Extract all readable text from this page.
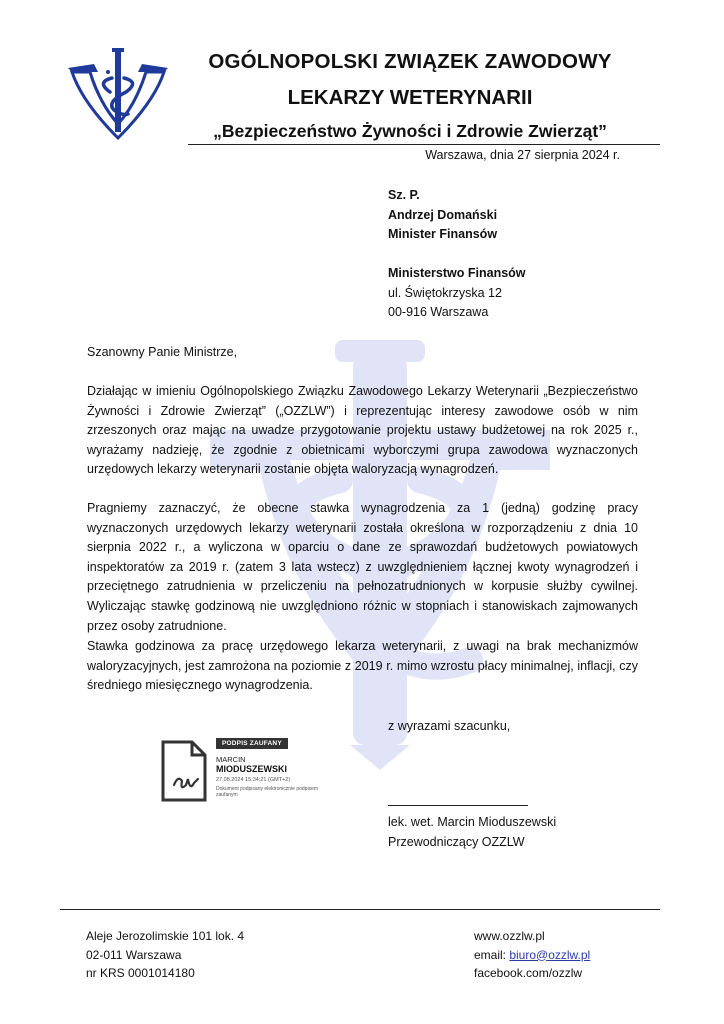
OGÓLNOPOLSKI ZWIĄZEK ZAWODOWY
LEKARZY WETERYNARII
„Bezpieczeństwo Żywności i Zdrowie Zwierząt”
Warszawa, dnia 27 sierpnia 2024 r.
Sz. P.
Andrzej Domański
Minister Finansów
Ministerstwo Finansów
ul. Świętokrzyska 12
00-916 Warszawa
Szanowny Panie Ministrze,
Działając w imieniu Ogólnopolskiego Związku Zawodowego Lekarzy Weterynarii „Bezpieczeństwo Żywności i Zdrowie Zwierząt” („OZZLW”) i reprezentując interesy zawodowe osób w nim zrzeszonych oraz mając na uwadze przygotowanie projektu ustawy budżetowej na rok 2025 r., wyrażamy nadzieję, że zgodnie z obietnicami wyborczymi grupa zawodowa wyznaczonych urzędowych lekarzy weterynarii zostanie objęta waloryzacją wynagrodzeń.
Pragniemy zaznaczyć, że obecne stawka wynagrodzenia za 1 (jedną) godzinę pracy wyznaczonych urzędowych lekarzy weterynarii została określona w rozporządzeniu z dnia 10 sierpnia 2022 r., a wyliczona w oparciu o dane ze sprawozdań budżetowych powiatowych inspektoratów za 2019 r. (zatem 3 lata wstecz) z uwzględnieniem łącznej kwoty wynagrodzeń i przeciętnego zatrudnienia w przeliczeniu na pełnozatrudnionych w korpusie służby cywilnej. Wyliczając stawkę godzinową nie uwzględniono różnic w stopniach i stanowiskach zajmowanych przez osoby zatrudnione.
Stawka godzinowa za pracę urzędowego lekarza weterynarii, z uwagi na brak mechanizmów waloryzacyjnych, jest zamrożona na poziomie z 2019 r. mimo wzrostu płacy minimalnej, inflacji, czy średniego miesięcznego wynagrodzenia.
z wyrazami szacunku,
PODPIS ZAUFANY
MARCIN
MIODUSZEWSKI
27.08.2024 15:34:21 (GMT+2)
Dokument podpisany elektronicznie podpisem zaufanym
lek. wet. Marcin Mioduszewski
Przewodniczący OZZLW
Aleje Jerozolimskie 101 lok. 4
02-011 Warszawa
nr KRS 0001014180
www.ozzlw.pl
email: biuro@ozzlw.pl
facebook.com/ozzlw
